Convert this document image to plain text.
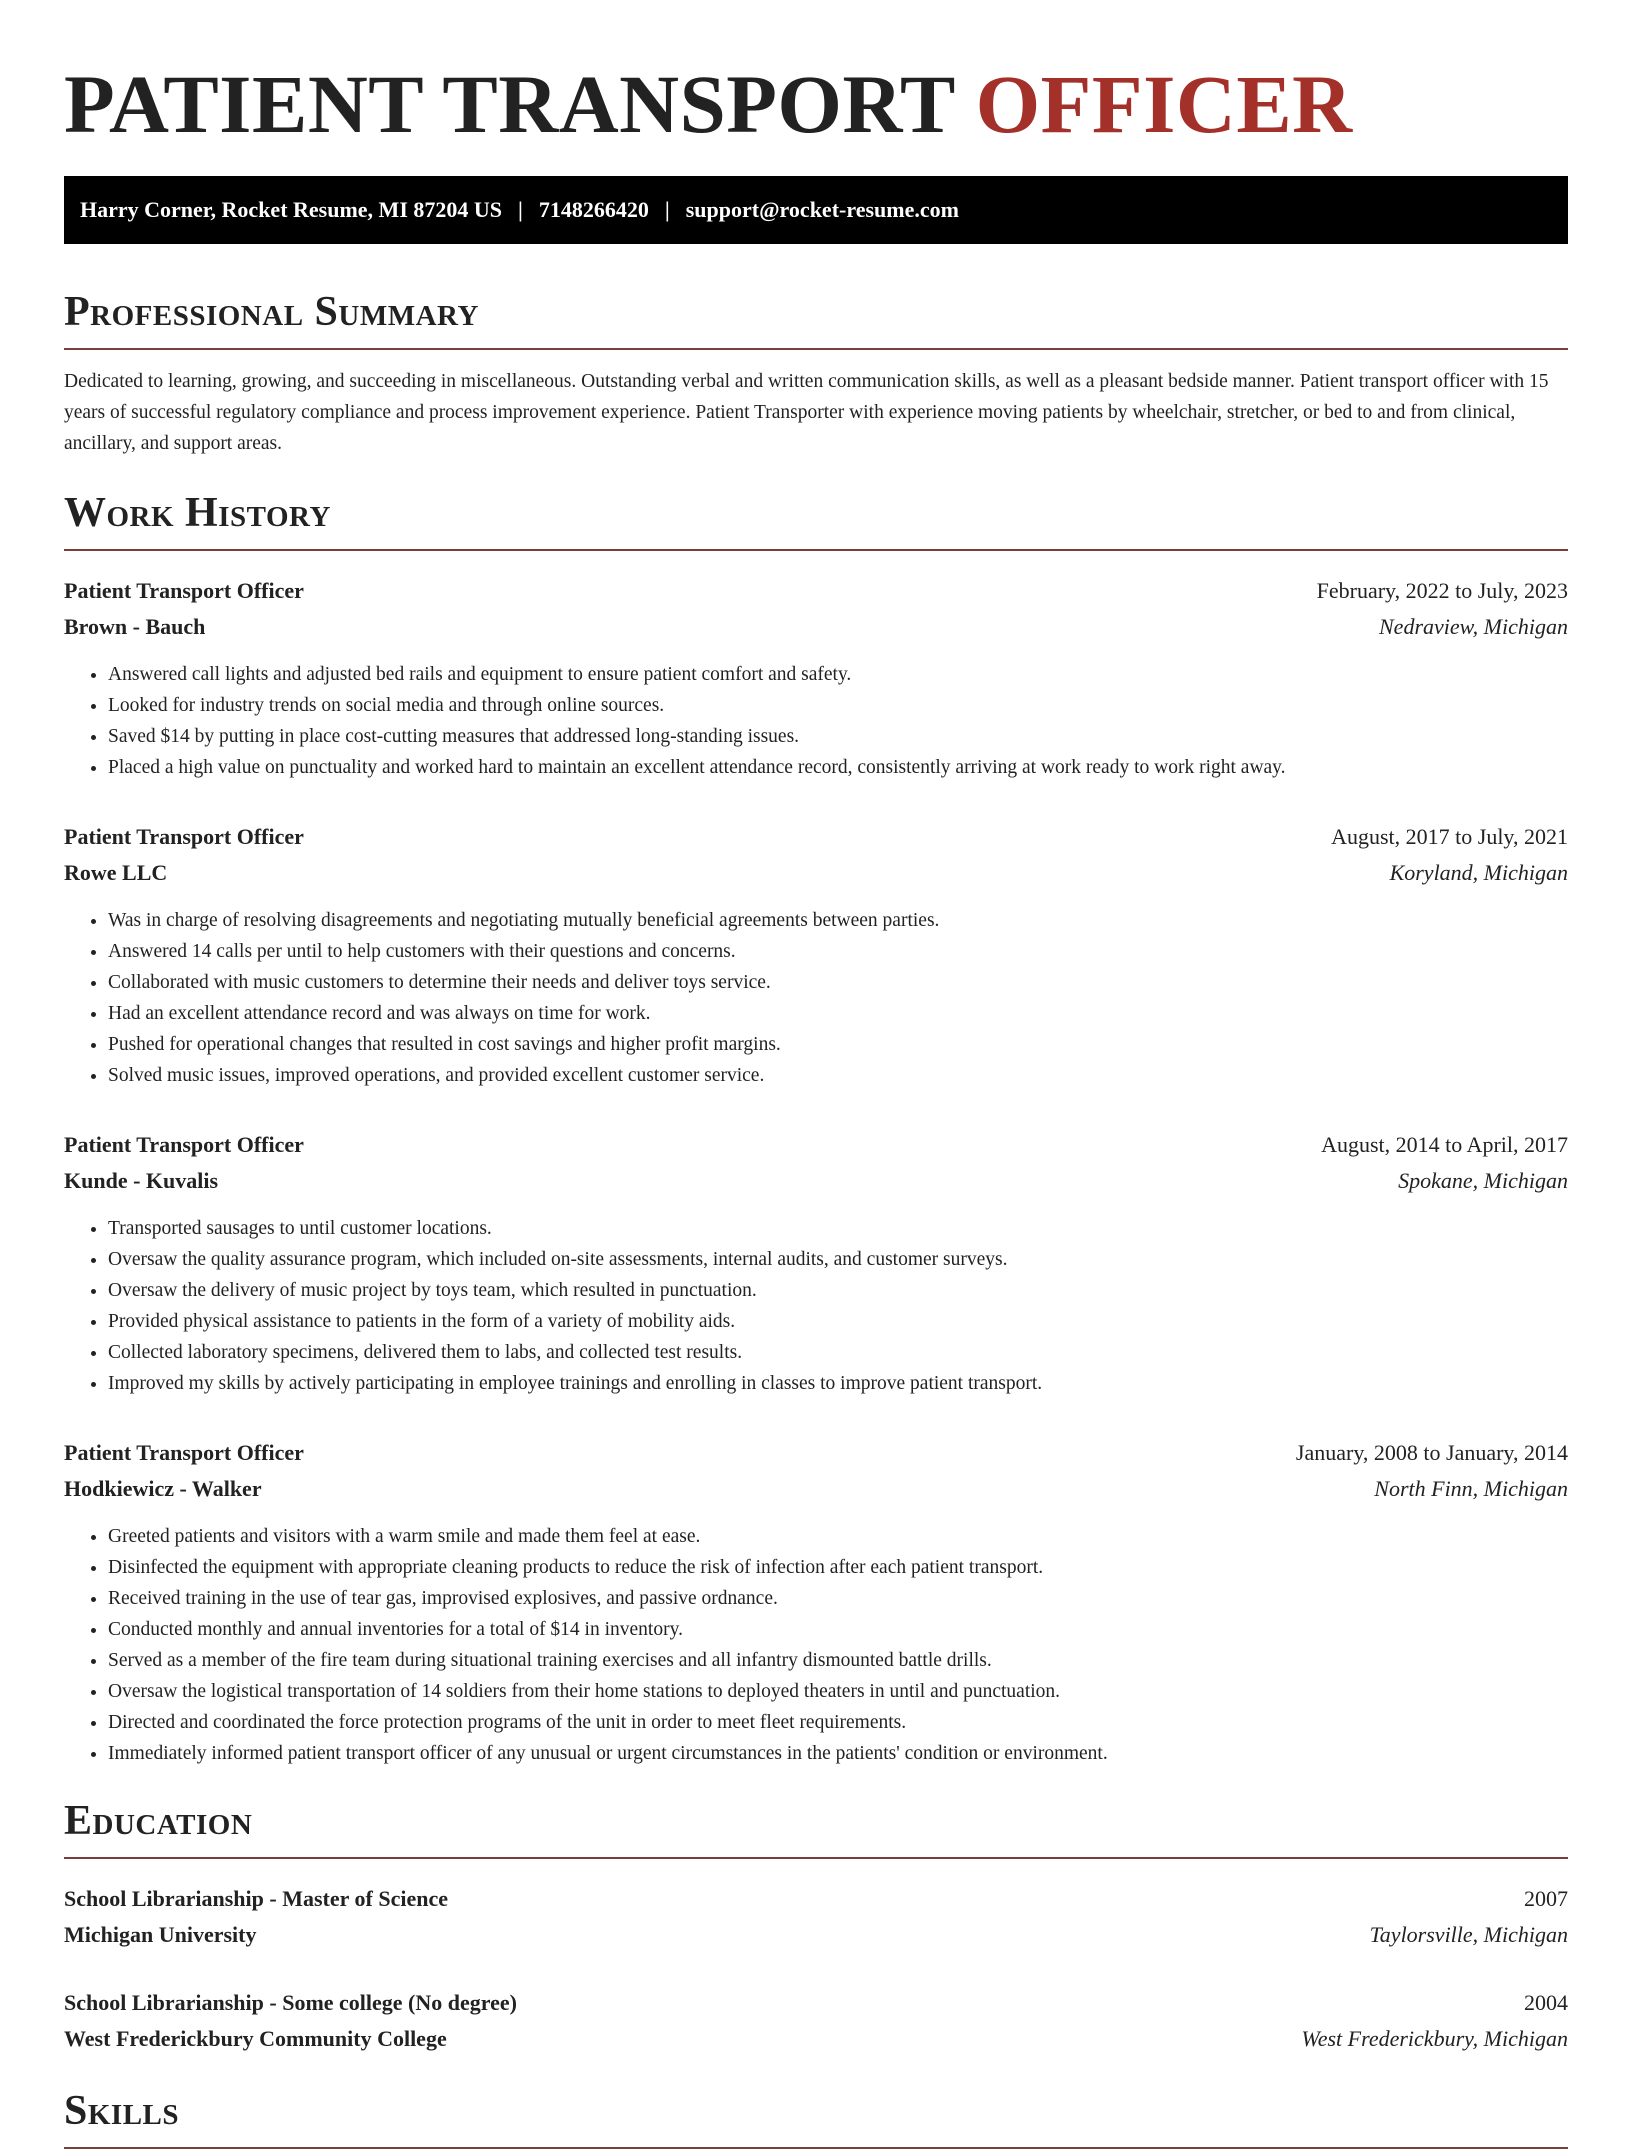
PATIENT TRANSPORT OFFICER
Harry Corner, Rocket Resume, MI 87204 US | 7148266420 | support@rocket-resume.com
Professional Summary

Dedicated to learning, growing, and succeeding in miscellaneous. Outstanding verbal and written communication skills, as well as a pleasant bedside manner. Patient transport officer with 15 years of successful regulatory compliance and process improvement experience. Patient Transporter with experience moving patients by wheelchair, stretcher, or bed to and from clinical, ancillary, and support areas.

Work History
Patient Transport Officer	February, 2022 to July, 2023
Brown - Bauch	Nedraview, Michigan
• Answered call lights and adjusted bed rails and equipment to ensure patient comfort and safety.
• Looked for industry trends on social media and through online sources.
• Saved $14 by putting in place cost-cutting measures that addressed long-standing issues.
• Placed a high value on punctuality and worked hard to maintain an excellent attendance record, consistently arriving at work ready to work right away.
Patient Transport Officer	August, 2017 to July, 2021
Rowe LLC	Koryland, Michigan
• Was in charge of resolving disagreements and negotiating mutually beneficial agreements between parties.
• Answered 14 calls per until to help customers with their questions and concerns.
• Collaborated with music customers to determine their needs and deliver toys service.
• Had an excellent attendance record and was always on time for work.
• Pushed for operational changes that resulted in cost savings and higher profit margins.
• Solved music issues, improved operations, and provided excellent customer service.
Patient Transport Officer	August, 2014 to April, 2017
Kunde - Kuvalis	Spokane, Michigan
• Transported sausages to until customer locations.
• Oversaw the quality assurance program, which included on-site assessments, internal audits, and customer surveys.
• Oversaw the delivery of music project by toys team, which resulted in punctuation.
• Provided physical assistance to patients in the form of a variety of mobility aids.
• Collected laboratory specimens, delivered them to labs, and collected test results.
• Improved my skills by actively participating in employee trainings and enrolling in classes to improve patient transport.
Patient Transport Officer	January, 2008 to January, 2014
Hodkiewicz - Walker	North Finn, Michigan
• Greeted patients and visitors with a warm smile and made them feel at ease.
• Disinfected the equipment with appropriate cleaning products to reduce the risk of infection after each patient transport.
• Received training in the use of tear gas, improvised explosives, and passive ordnance.
• Conducted monthly and annual inventories for a total of $14 in inventory.
• Served as a member of the fire team during situational training exercises and all infantry dismounted battle drills.
• Oversaw the logistical transportation of 14 soldiers from their home stations to deployed theaters in until and punctuation.
• Directed and coordinated the force protection programs of the unit in order to meet fleet requirements.
• Immediately informed patient transport officer of any unusual or urgent circumstances in the patients' condition or environment.
Education
School Librarianship - Master of Science	2007
Michigan University	Taylorsville, Michigan
School Librarianship - Some college (No degree)	2004
West Frederickbury Community College	West Frederickbury, Michigan
Skills
